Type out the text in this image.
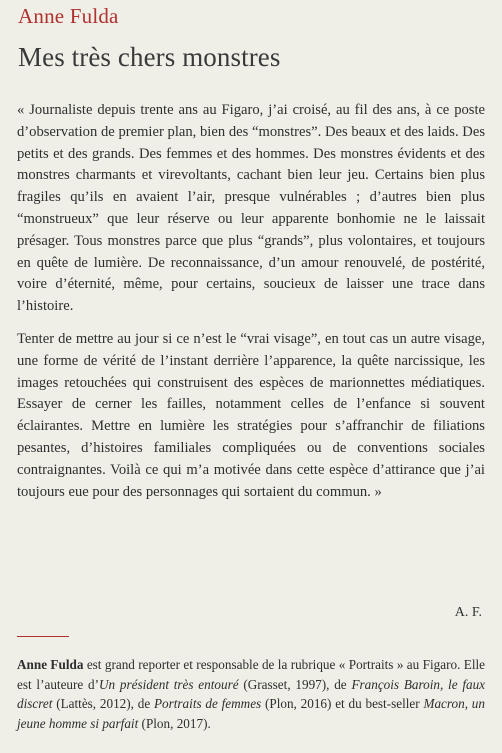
Anne Fulda
Mes très chers monstres

« Journaliste depuis trente ans au Figaro, j’ai croisé, au fil des ans, à ce poste d’observation de premier plan, bien des “monstres”. Des beaux et des laids. Des petits et des grands. Des femmes et des hommes. Des monstres évidents et des monstres charmants et virevoltants, cachant bien leur jeu. Certains bien plus fragiles qu’ils en avaient l’air, presque vulnérables ; d’autres bien plus “monstrueux” que leur réserve ou leur apparente bonhomie ne le laissait présager. Tous monstres parce que plus “grands”, plus volontaires, et toujours en quête de lumière. De reconnaissance, d’un amour renouvelé, de postérité, voire d’éternité, même, pour certains, soucieux de laisser une trace dans l’histoire.

Tenter de mettre au jour si ce n’est le “vrai visage”, en tout cas un autre visage, une forme de vérité de l’instant derrière l’apparence, la quête narcissique, les images retouchées qui construisent des espèces de marionnettes médiatiques. Essayer de cerner les failles, notamment celles de l’enfance si souvent éclairantes. Mettre en lumière les stratégies pour s’affranchir de filiations pesantes, d’histoires familiales compliquées ou de conventions sociales contraignantes. Voilà ce qui m’a motivée dans cette espèce d’attirance que j’ai toujours eue pour des personnages qui sortaient du commun. »

A. F.
Anne Fulda est grand reporter et responsable de la rubrique « Portraits » au Figaro. Elle est l’auteure d’Un président très entouré (Grasset, 1997), de François Baroin, le faux discret (Lattès, 2012), de Portraits de femmes (Plon, 2016) et du best-seller Macron, un jeune homme si parfait (Plon, 2017).
